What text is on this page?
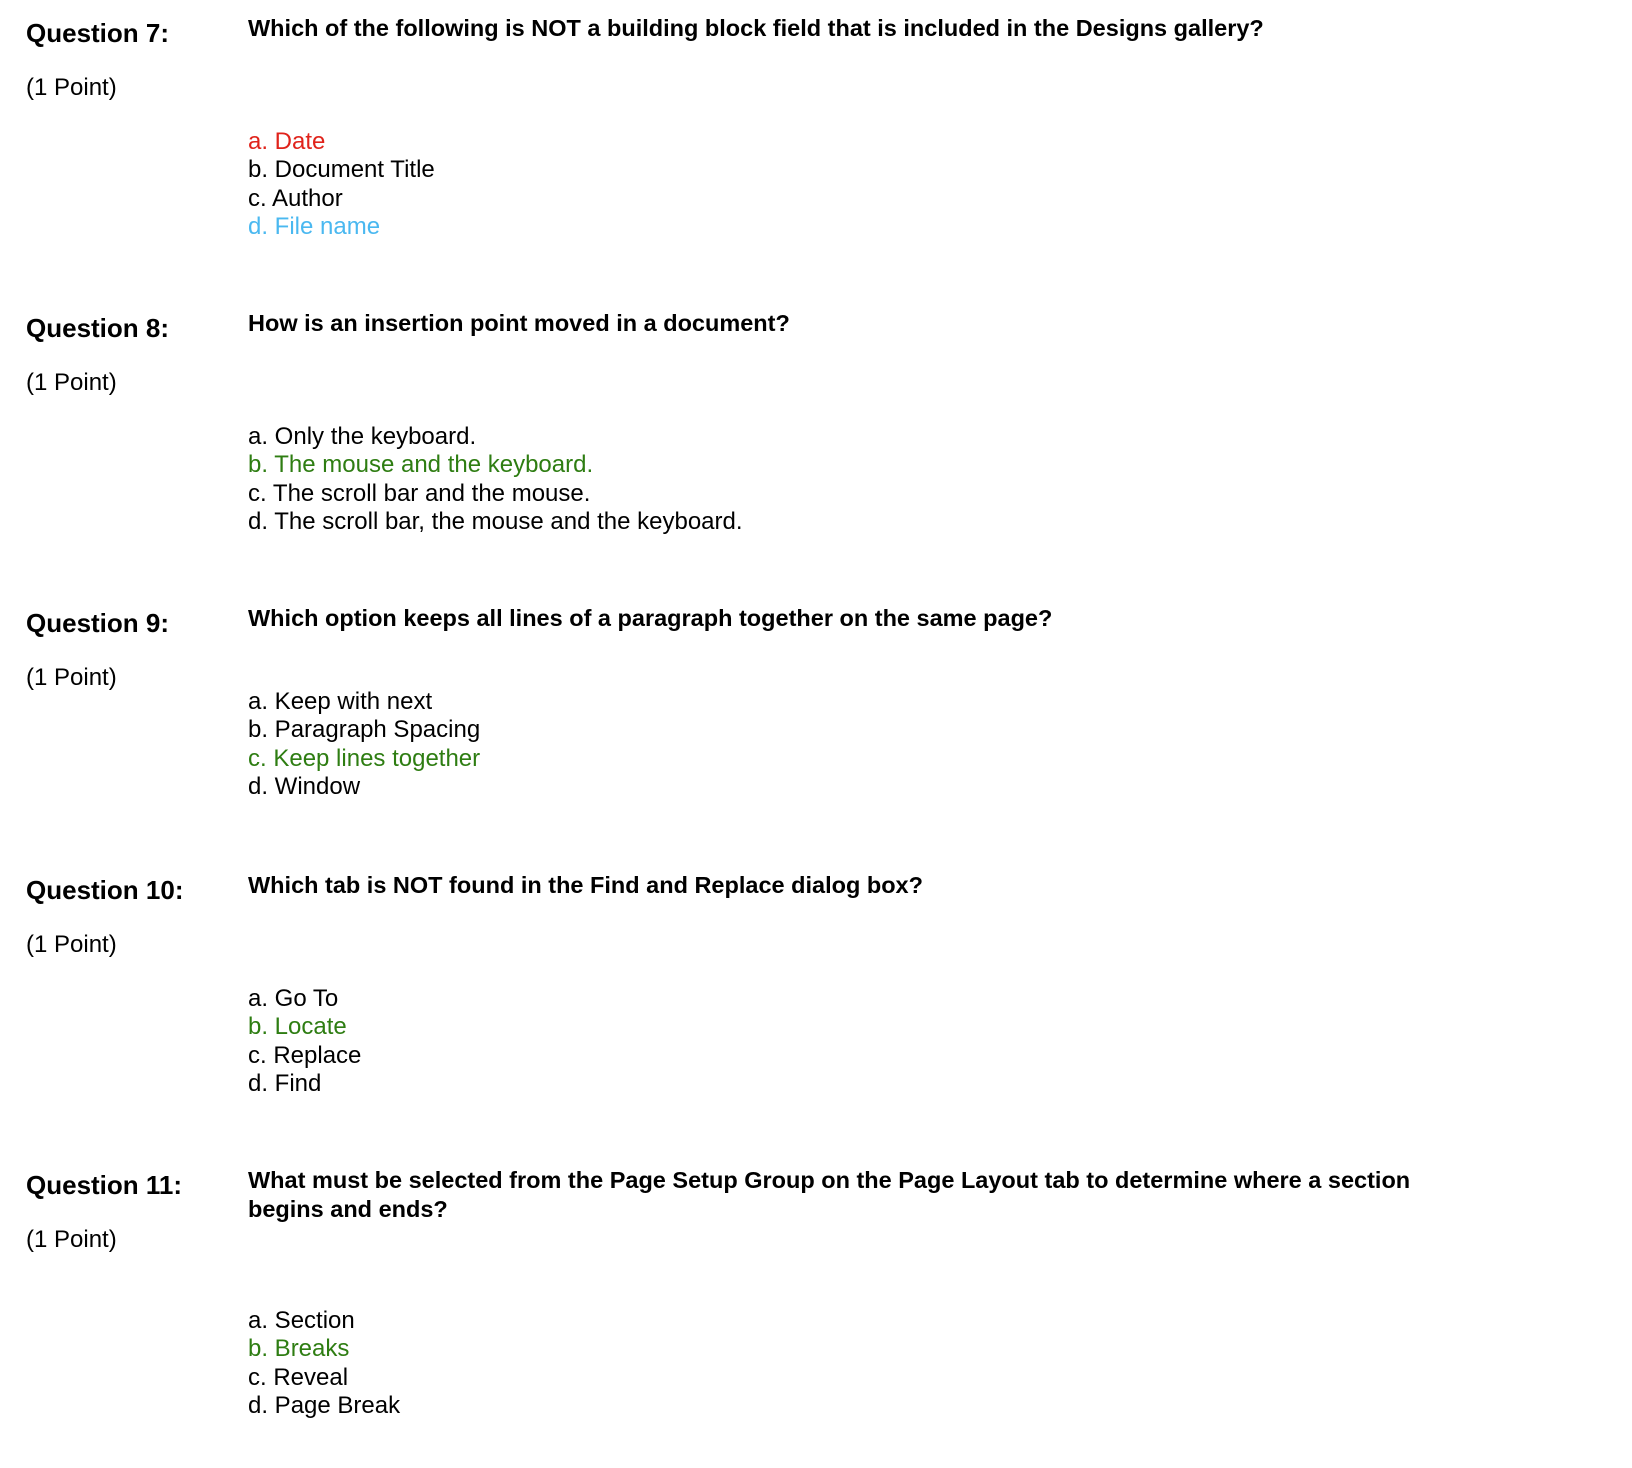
Question 7:
(1 Point)
Which of the following is NOT a building block field that is included in the Designs gallery?
a. Date
b. Document Title
c. Author
d. File name
Question 8:
(1 Point)
How is an insertion point moved in a document?
a. Only the keyboard.
b. The mouse and the keyboard.
c. The scroll bar and the mouse.
d. The scroll bar, the mouse and the keyboard.
Question 9:
(1 Point)
Which option keeps all lines of a paragraph together on the same page?
a. Keep with next
b. Paragraph Spacing
c. Keep lines together
d. Window
Question 10:
(1 Point)
Which tab is NOT found in the Find and Replace dialog box?
a. Go To
b. Locate
c. Replace
d. Find
Question 11:
(1 Point)
What must be selected from the Page Setup Group on the Page Layout tab to determine where a section begins and ends?
a. Section
b. Breaks
c. Reveal
d. Page Break
